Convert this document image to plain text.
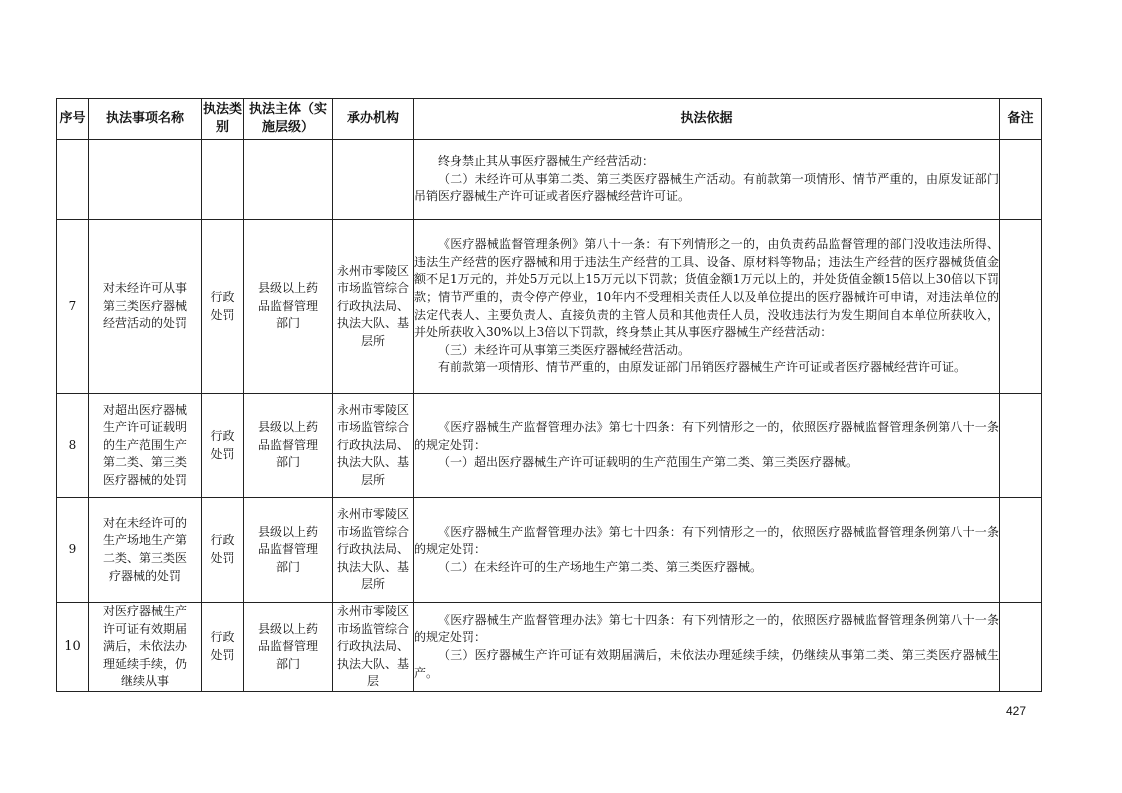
序号	执法事项名称	执法类别	执法主体（实施层级）	承办机构	执法依据	备注

					终身禁止其从事医疗器械生产经营活动：

（二）未经许可从事第二类、第三类医疗器械生产活动。有前款第一项情形、情节严重的，由原发证部门吊销医疗器械生产许可证或者医疗器械经营许可证。	

7	对未经许可从事第三类医疗器械经营活动的处罚	行政处罚	县级以上药品监督管理部门	永州市零陵区市场监管综合行政执法局、执法大队、基层所	《医疗器械监督管理条例》第八十一条：有下列情形之一的，由负责药品监督管理的部门没收违法所得、违法生产经营的医疗器械和用于违法生产经营的工具、设备、原材料等物品；违法生产经营的医疗器械货值金额不足1万元的，并处5万元以上15万元以下罚款；货值金额1万元以上的，并处货值金额15倍以上30倍以下罚款；情节严重的，责令停产停业，10年内不受理相关责任人以及单位提出的医疗器械许可申请，对违法单位的法定代表人、主要负责人、直接负责的主管人员和其他责任人员，没收违法行为发生期间自本单位所获收入，并处所获收入30%以上3倍以下罚款，终身禁止其从事医疗器械生产经营活动：

（三）未经许可从事第三类医疗器械经营活动。

有前款第一项情形、情节严重的，由原发证部门吊销医疗器械生产许可证或者医疗器械经营许可证。	

8	对超出医疗器械生产许可证载明的生产范围生产第二类、第三类医疗器械的处罚	行政处罚	县级以上药品监督管理部门	永州市零陵区市场监管综合行政执法局、执法大队、基层所	《医疗器械生产监督管理办法》第七十四条：有下列情形之一的，依照医疗器械监督管理条例第八十一条的规定处罚：

（一）超出医疗器械生产许可证载明的生产范围生产第二类、第三类医疗器械。	

9	对在未经许可的生产场地生产第二类、第三类医疗器械的处罚	行政处罚	县级以上药品监督管理部门	永州市零陵区市场监管综合行政执法局、执法大队、基层所	《医疗器械生产监督管理办法》第七十四条：有下列情形之一的，依照医疗器械监督管理条例第八十一条的规定处罚：

（二）在未经许可的生产场地生产第二类、第三类医疗器械。	

10	对医疗器械生产许可证有效期届满后，未依法办理延续手续，仍继续从事	行政处罚	县级以上药品监督管理部门	永州市零陵区市场监管综合行政执法局、执法大队、基层	《医疗器械生产监督管理办法》第七十四条：有下列情形之一的，依照医疗器械监督管理条例第八十一条的规定处罚：

（三）医疗器械生产许可证有效期届满后，未依法办理延续手续，仍继续从事第二类、第三类医疗器械生产。	

427
